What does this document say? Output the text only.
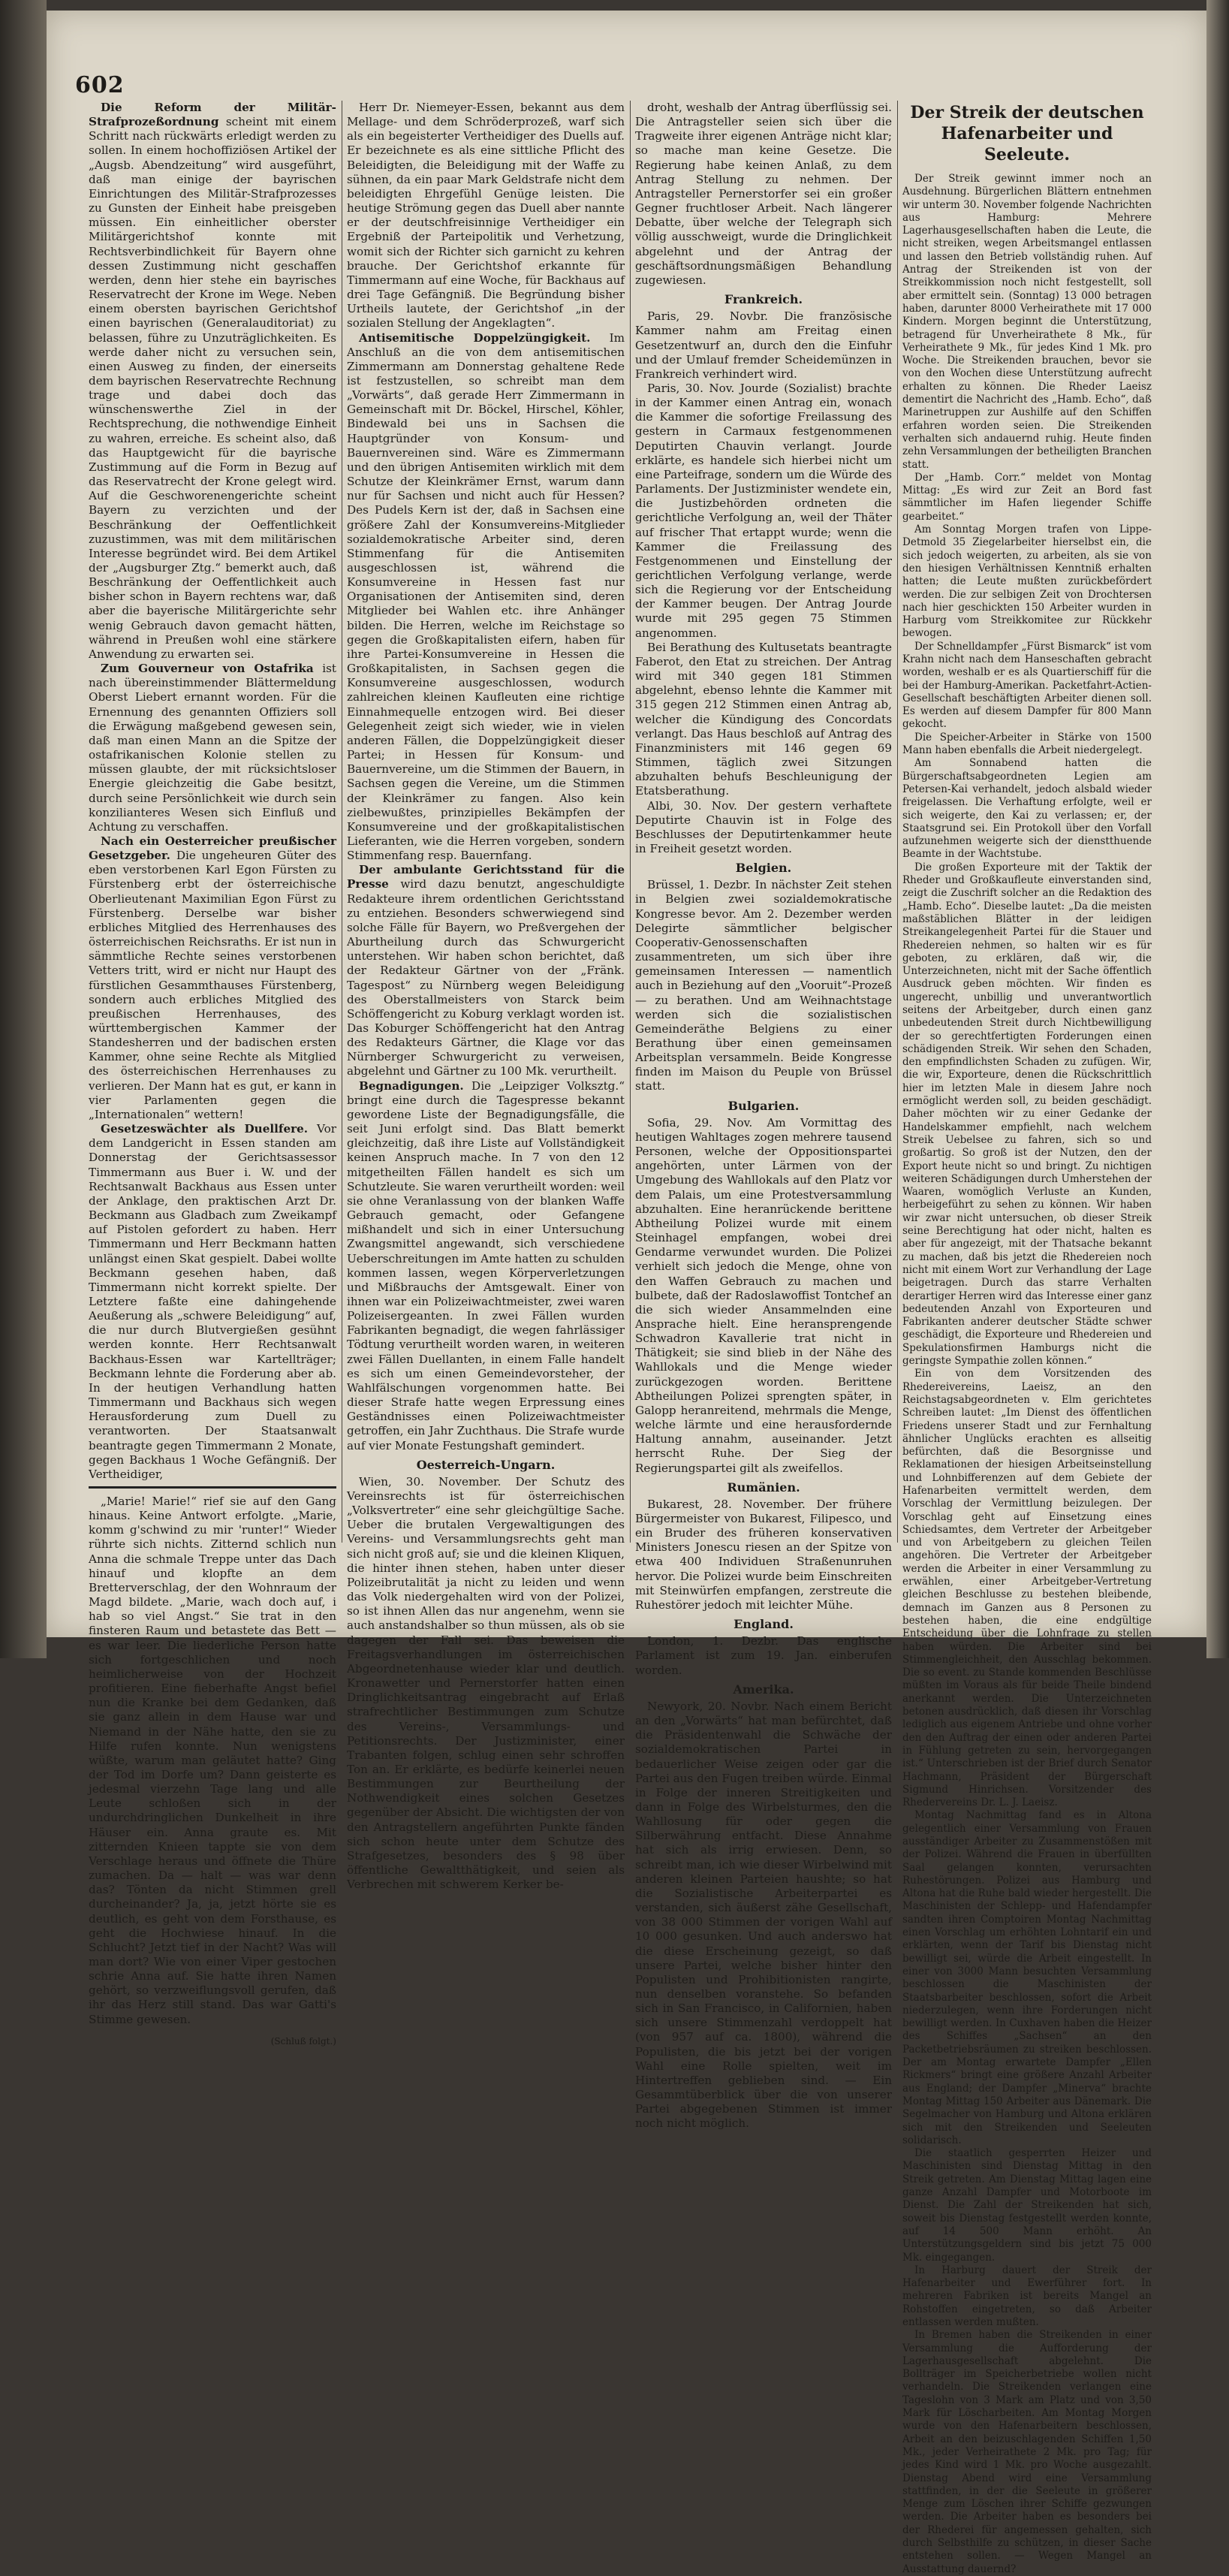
602

Die Reform der Militär-Strafprozeßordnung scheint mit einem Schritt nach rückwärts erledigt werden zu sollen. In einem hochoffiziösen Artikel der „Augsb. Abendzeitung“ wird ausgeführt, daß man einige der bayrischen Einrichtungen des Militär-Strafprozesses zu Gunsten der Einheit habe preisgeben müssen. Ein einheitlicher oberster Militärgerichtshof konnte mit Rechtsverbindlichkeit für Bayern ohne dessen Zustimmung nicht geschaffen werden, denn hier stehe ein bayrisches Reservatrecht der Krone im Wege. Neben einem obersten bayrischen Gerichtshof einen bayrischen (Generalauditoriat) zu belassen, führe zu Unzuträglichkeiten. Es werde daher nicht zu versuchen sein, einen Ausweg zu finden, der einerseits dem bayrischen Reservatrechte Rechnung trage und dabei doch das wünschenswerthe Ziel in der Rechtsprechung, die nothwendige Einheit zu wahren, erreiche. Es scheint also, daß das Hauptgewicht für die bayrische Zustimmung auf die Form in Bezug auf das Reservatrecht der Krone gelegt wird. Auf die Geschworenengerichte scheint Bayern zu verzichten und der Beschränkung der Oeffentlichkeit zuzustimmen, was mit dem militärischen Interesse begründet wird. Bei dem Artikel der „Augsburger Ztg.“ bemerkt auch, daß Beschränkung der Oeffentlichkeit auch bisher schon in Bayern rechtens war, daß aber die bayerische Militärgerichte sehr wenig Gebrauch davon gemacht hätten, während in Preußen wohl eine stärkere Anwendung zu erwarten sei.

Zum Gouverneur von Ostafrika ist nach übereinstimmender Blättermeldung Oberst Liebert ernannt worden. Für die Ernennung des genannten Offiziers soll die Erwägung maßgebend gewesen sein, daß man einen Mann an die Spitze der ostafrikanischen Kolonie stellen zu müssen glaubte, der mit rücksichtsloser Energie gleichzeitig die Gabe besitzt, durch seine Persönlichkeit wie durch sein konzilianteres Wesen sich Einfluß und Achtung zu verschaffen.

Nach ein Oesterreicher preußischer Gesetzgeber. Die ungeheuren Güter des eben verstorbenen Karl Egon Fürsten zu Fürstenberg erbt der österreichische Oberlieutenant Maximilian Egon Fürst zu Fürstenberg. Derselbe war bisher erbliches Mitglied des Herrenhauses des österreichischen Reichsraths. Er ist nun in sämmtliche Rechte seines verstorbenen Vetters tritt, wird er nicht nur Haupt des fürstlichen Gesammthauses Fürstenberg, sondern auch erbliches Mitglied des preußischen Herrenhauses, des württembergischen Kammer der Standesherren und der badischen ersten Kammer, ohne seine Rechte als Mitglied des österreichischen Herrenhauses zu verlieren. Der Mann hat es gut, er kann in vier Parlamenten gegen die „Internationalen“ wettern!

Gesetzeswächter als Duellfere. Vor dem Landgericht in Essen standen am Donnerstag der Gerichtsassessor Timmermann aus Buer i. W. und der Rechtsanwalt Backhaus aus Essen unter der Anklage, den praktischen Arzt Dr. Beckmann aus Gladbach zum Zweikampf auf Pistolen gefordert zu haben. Herr Timmermann und Herr Beckmann hatten unlängst einen Skat gespielt. Dabei wollte Beckmann gesehen haben, daß Timmermann nicht korrekt spielte. Der Letztere faßte eine dahingehende Aeußerung als „schwere Beleidigung“ auf, die nur durch Blutvergießen gesühnt werden konnte. Herr Rechtsanwalt Backhaus-Essen war Kartellträger; Beckmann lehnte die Forderung aber ab. In der heutigen Verhandlung hatten Timmermann und Backhaus sich wegen Herausforderung zum Duell zu verantworten. Der Staatsanwalt beantragte gegen Timmermann 2 Monate, gegen Backhaus 1 Woche Gefängniß. Der Vertheidiger,

„Marie! Marie!“ rief sie auf den Gang hinaus. Keine Antwort erfolgte. „Marie, komm g'schwind zu mir 'runter!“ Wieder rührte sich nichts. Zitternd schlich nun Anna die schmale Treppe unter das Dach hinauf und klopfte an dem Bretterverschlag, der den Wohnraum der Magd bildete. „Marie, wach doch auf, i hab so viel Angst.“ Sie trat in den finsteren Raum und betastete das Bett — es war leer. Die liederliche Person hatte sich fortgeschlichen und noch heimlicherweise von der Hochzeit profitieren. Eine fieberhafte Angst befiel nun die Kranke bei dem Gedanken, daß sie ganz allein in dem Hause war und Niemand in der Nähe hatte, den sie zu Hilfe rufen konnte. Nun wenigstens wüßte, warum man geläutet hatte? Ging der Tod im Dorfe um? Dann geisterte es jedesmal vierzehn Tage lang und alle Leute schloßen sich in der undurchdringlichen Dunkelheit in ihre Häuser ein. Anna graute es. Mit zitternden Knieen tappte sie von dem Verschlage heraus und öffnete die Thüre zumachen. Da — halt — was war denn das? Tönten da nicht Stimmen grell durcheinander? Ja, ja, jetzt hörte sie es deutlich, es geht von dem Forsthause, es geht die Hochwiese hinauf. In die Schlucht? Jetzt tief in der Nacht? Was will man dort? Wie von einer Viper gestochen schrie Anna auf. Sie hatte ihren Namen gehört, so verzweiflungsvoll gerufen, daß ihr das Herz still stand. Das war Gatti's Stimme gewesen.

(Schluß folgt.)

Herr Dr. Niemeyer-Essen, bekannt aus dem Mellage- und dem Schröderprozeß, warf sich als ein begeisterter Vertheidiger des Duells auf. Er bezeichnete es als eine sittliche Pflicht des Beleidigten, die Beleidigung mit der Waffe zu sühnen, da ein paar Mark Geldstrafe nicht dem beleidigten Ehrgefühl Genüge leisten. Die heutige Strömung gegen das Duell aber nannte er der deutschfreisinnige Vertheidiger ein Ergebniß der Parteipolitik und Verhetzung, womit sich der Richter sich garnicht zu kehren brauche. Der Gerichtshof erkannte für Timmermann auf eine Woche, für Backhaus auf drei Tage Gefängniß. Die Begründung bisher Urtheils lautete, der Gerichtshof „in der sozialen Stellung der Angeklagten“.

Antisemitische Doppelzüngigkeit. Im Anschluß an die von dem antisemitischen Zimmermann am Donnerstag gehaltene Rede ist festzustellen, so schreibt man dem „Vorwärts“, daß gerade Herr Zimmermann in Gemeinschaft mit Dr. Böckel, Hirschel, Köhler, Bindewald bei uns in Sachsen die Hauptgründer von Konsum- und Bauernvereinen sind. Wäre es Zimmermann und den übrigen Antisemiten wirklich mit dem Schutze der Kleinkrämer Ernst, warum dann nur für Sachsen und nicht auch für Hessen? Des Pudels Kern ist der, daß in Sachsen eine größere Zahl der Konsumvereins-Mitglieder sozialdemokratische Arbeiter sind, deren Stimmenfang für die Antisemiten ausgeschlossen ist, während die Konsumvereine in Hessen fast nur Organisationen der Antisemiten sind, deren Mitglieder bei Wahlen etc. ihre Anhänger bilden. Die Herren, welche im Reichstage so gegen die Großkapitalisten eifern, haben für ihre Partei-Konsumvereine in Hessen die Großkapitalisten, in Sachsen gegen die Konsumvereine ausgeschlossen, wodurch zahlreichen kleinen Kaufleuten eine richtige Einnahmequelle entzogen wird. Bei dieser Gelegenheit zeigt sich wieder, wie in vielen anderen Fällen, die Doppelzüngigkeit dieser Partei; in Hessen für Konsum- und Bauernvereine, um die Stimmen der Bauern, in Sachsen gegen die Vereine, um die Stimmen der Kleinkrämer zu fangen. Also kein zielbewußtes, prinzipielles Bekämpfen der Konsumvereine und der großkapitalistischen Lieferanten, wie die Herren vorgeben, sondern Stimmenfang resp. Bauernfang.

Der ambulante Gerichtsstand für die Presse wird dazu benutzt, angeschuldigte Redakteure ihrem ordentlichen Gerichtsstand zu entziehen. Besonders schwerwiegend sind solche Fälle für Bayern, wo Preßvergehen der Aburtheilung durch das Schwurgericht unterstehen. Wir haben schon berichtet, daß der Redakteur Gärtner von der „Fränk. Tagespost“ zu Nürnberg wegen Beleidigung des Oberstallmeisters von Starck beim Schöffengericht zu Koburg verklagt worden ist. Das Koburger Schöffengericht hat den Antrag des Redakteurs Gärtner, die Klage vor das Nürnberger Schwurgericht zu verweisen, abgelehnt und Gärtner zu 100 Mk. verurtheilt.

Begnadigungen. Die „Leipziger Volksztg.“ bringt eine durch die Tagespresse bekannt gewordene Liste der Begnadigungsfälle, die seit Juni erfolgt sind. Das Blatt bemerkt gleichzeitig, daß ihre Liste auf Vollständigkeit keinen Anspruch mache. In 7 von den 12 mitgetheilten Fällen handelt es sich um Schutzleute. Sie waren verurtheilt worden: weil sie ohne Veranlassung von der blanken Waffe Gebrauch gemacht, oder Gefangene mißhandelt und sich in einer Untersuchung Zwangsmittel angewandt, sich verschiedene Ueberschreitungen im Amte hatten zu schulden kommen lassen, wegen Körperverletzungen und Mißbrauchs der Amtsgewalt. Einer von ihnen war ein Polizeiwachtmeister, zwei waren Polizeisergeanten. In zwei Fällen wurden Fabrikanten begnadigt, die wegen fahrlässiger Tödtung verurtheilt worden waren, in weiteren zwei Fällen Duellanten, in einem Falle handelt es sich um einen Gemeindevorsteher, der Wahlfälschungen vorgenommen hatte. Bei dieser Strafe hatte wegen Erpressung eines Geständnisses einen Polizeiwachtmeister getroffen, ein Jahr Zuchthaus. Die Strafe wurde auf vier Monate Festungshaft gemindert.

Oesterreich-Ungarn.

Wien, 30. November. Der Schutz des Vereinsrechts ist für österreichischen „Volksvertreter“ eine sehr gleichgültige Sache. Ueber die brutalen Vergewaltigungen des Vereins- und Versammlungsrechts geht man sich nicht groß auf; sie und die kleinen Kliquen, die hinter ihnen stehen, haben unter dieser Polizeibrutalität ja nicht zu leiden und wenn das Volk niedergehalten wird von der Polizei, so ist ihnen Allen das nur angenehm, wenn sie auch anstandshalber so thun müssen, als ob sie dagegen der Fall sei. Das beweisen die Freitagsverhandlungen im österreichischen Abgeordnetenhause wieder klar und deutlich. Kronawetter und Pernerstorfer hatten einen Dringlichkeitsantrag eingebracht auf Erlaß strafrechtlicher Bestimmungen zum Schutze des Vereins-, Versammlungs- und Petitionsrechts. Der Justizminister, einer Trabanten folgen, schlug einen sehr schroffen Ton an. Er erklärte, es bedürfe keinerlei neuen Bestimmungen zur Beurtheilung der Nothwendigkeit eines solchen Gesetzes gegenüber der Absicht. Die wichtigsten der von den Antragstellern angeführten Punkte fänden sich schon heute unter dem Schutze des Strafgesetzes, besonders des § 98 über öffentliche Gewaltthätigkeit, und seien als Verbrechen mit schwerem Kerker be-

droht, weshalb der Antrag überflüssig sei. Die Antragsteller seien sich über die Tragweite ihrer eigenen Anträge nicht klar; so mache man keine Gesetze. Die Regierung habe keinen Anlaß, zu dem Antrag Stellung zu nehmen. Der Antragsteller Pernerstorfer sei ein großer Gegner fruchtloser Arbeit. Nach längerer Debatte, über welche der Telegraph sich völlig ausschweigt, wurde die Dringlichkeit abgelehnt und der Antrag der geschäftsordnungsmäßigen Behandlung zugewiesen.

Frankreich.

Paris, 29. Novbr. Die französische Kammer nahm am Freitag einen Gesetzentwurf an, durch den die Einfuhr und der Umlauf fremder Scheidemünzen in Frankreich verhindert wird.

Paris, 30. Nov. Jourde (Sozialist) brachte in der Kammer einen Antrag ein, wonach die Kammer die sofortige Freilassung des gestern in Carmaux festgenommenen Deputirten Chauvin verlangt. Jourde erklärte, es handele sich hierbei nicht um eine Parteifrage, sondern um die Würde des Parlaments. Der Justizminister wendete ein, die Justizbehörden ordneten die gerichtliche Verfolgung an, weil der Thäter auf frischer That ertappt wurde; wenn die Kammer die Freilassung des Festgenommenen und Einstellung der gerichtlichen Verfolgung verlange, werde sich die Regierung vor der Entscheidung der Kammer beugen. Der Antrag Jourde wurde mit 295 gegen 75 Stimmen angenommen.

Bei Berathung des Kultusetats beantragte Faberot, den Etat zu streichen. Der Antrag wird mit 340 gegen 181 Stimmen abgelehnt, ebenso lehnte die Kammer mit 315 gegen 212 Stimmen einen Antrag ab, welcher die Kündigung des Concordats verlangt. Das Haus beschloß auf Antrag des Finanzministers mit 146 gegen 69 Stimmen, täglich zwei Sitzungen abzuhalten behufs Beschleunigung der Etatsberathung.

Albi, 30. Nov. Der gestern verhaftete Deputirte Chauvin ist in Folge des Beschlusses der Deputirtenkammer heute in Freiheit gesetzt worden.

Belgien.

Brüssel, 1. Dezbr. In nächster Zeit stehen in Belgien zwei sozialdemokratische Kongresse bevor. Am 2. Dezember werden Delegirte sämmtlicher belgischer Cooperativ-Genossenschaften zusammentreten, um sich über ihre gemeinsamen Interessen — namentlich auch in Beziehung auf den „Vooruit“-Prozeß — zu berathen. Und am Weihnachtstage werden sich die sozialistischen Gemeinderäthe Belgiens zu einer Berathung über einen gemeinsamen Arbeitsplan versammeln. Beide Kongresse finden im Maison du Peuple von Brüssel statt.

Bulgarien.

Sofia, 29. Nov. Am Vormittag des heutigen Wahltages zogen mehrere tausend Personen, welche der Oppositionspartei angehörten, unter Lärmen von der Umgebung des Wahllokals auf den Platz vor dem Palais, um eine Protestversammlung abzuhalten. Eine heranrückende berittene Abtheilung Polizei wurde mit einem Steinhagel empfangen, wobei drei Gendarme verwundet wurden. Die Polizei verhielt sich jedoch die Menge, ohne von den Waffen Gebrauch zu machen und bulbete, daß der Radoslawoffist Tontchef an die sich wieder Ansammelnden eine Ansprache hielt. Eine heransprengende Schwadron Kavallerie trat nicht in Thätigkeit; sie sind blieb in der Nähe des Wahllokals und die Menge wieder zurückgezogen worden. Berittene Abtheilungen Polizei sprengten später, in Galopp heranreitend, mehrmals die Menge, welche lärmte und eine herausfordernde Haltung annahm, auseinander. Jetzt herrscht Ruhe. Der Sieg der Regierungspartei gilt als zweifellos.

Rumänien.

Bukarest, 28. November. Der frühere Bürgermeister von Bukarest, Filipesco, und ein Bruder des früheren konservativen Ministers Jonescu riesen an der Spitze von etwa 400 Individuen Straßenunruhen hervor. Die Polizei wurde beim Einschreiten mit Steinwürfen empfangen, zerstreute die Ruhestörer jedoch mit leichter Mühe.

England.

London, 1. Dezbr. Das englische Parlament ist zum 19. Jan. einberufen worden.

Amerika.

Newyork, 20. Novbr. Nach einem Bericht an den „Vorwärts“ hat man befürchtet, daß die Präsidentenwahl die Schwäche der sozialdemokratischen Partei in bedauerlicher Weise zeigen oder gar die Partei aus den Fugen treiben würde. Einmal in Folge der inneren Streitigkeiten und dann in Folge des Wirbelsturmes, den die Wahllosung für oder gegen die Silberwährung entfacht. Diese Annahme hat sich als irrig erwiesen. Denn, so schreibt man, ich wie dieser Wirbelwind mit anderen kleinen Parteien haushte; so hat die Sozialistische Arbeiterpartei es verstanden, sich äußerst zähe Gesellschaft, von 38 000 Stimmen der vorigen Wahl auf 10 000 gesunken. Und auch anderswo hat die diese Erscheinung gezeigt, so daß unsere Partei, welche bisher hinter den Populisten und Prohibitionisten rangirte, nun denselben voranstehe. So befanden sich in San Francisco, in Californien, haben sich unsere Stimmenzahl verdoppelt hat (von 957 auf ca. 1800), während die Populisten, die bis jetzt bei der vorigen Wahl eine Rolle spielten, weit im Hintertreffen geblieben sind. — Ein Gesammtüberblick über die von unserer Partei abgegebenen Stimmen ist immer noch nicht möglich.

Der Streik der deutschen Hafenarbeiter und Seeleute.

Der Streik gewinnt immer noch an Ausdehnung. Bürgerlichen Blättern entnehmen wir unterm 30. November folgende Nachrichten aus Hamburg: Mehrere Lagerhausgesellschaften haben die Leute, die nicht streiken, wegen Arbeitsmangel entlassen und lassen den Betrieb vollständig ruhen. Auf Antrag der Streikenden ist von der Streikkommission noch nicht festgestellt, soll aber ermittelt sein. (Sonntag) 13 000 betragen haben, darunter 8000 Verheirathete mit 17 000 Kindern. Morgen beginnt die Unterstützung, betragend für Unverheirathete 8 Mk., für Verheirathete 9 Mk., für jedes Kind 1 Mk. pro Woche. Die Streikenden brauchen, bevor sie von den Wochen diese Unterstützung aufrecht erhalten zu können. Die Rheder Laeisz dementirt die Nachricht des „Hamb. Echo“, daß Marinetruppen zur Aushilfe auf den Schiffen erfahren worden seien. Die Streikenden verhalten sich andauernd ruhig. Heute finden zehn Versammlungen der betheiligten Branchen statt.

Der „Hamb. Corr.“ meldet von Montag Mittag: „Es wird zur Zeit an Bord fast sämmtlicher im Hafen liegender Schiffe gearbeitet.“

Am Sonntag Morgen trafen von Lippe-Detmold 35 Ziegelarbeiter hierselbst ein, die sich jedoch weigerten, zu arbeiten, als sie von den hiesigen Verhältnissen Kenntniß erhalten hatten; die Leute mußten zurückbefördert werden. Die zur selbigen Zeit von Drochtersen nach hier geschickten 150 Arbeiter wurden in Harburg vom Streikkomitee zur Rückkehr bewogen.

Der Schnelldampfer „Fürst Bismarck“ ist vom Krahn nicht nach dem Hanseschaften gebracht worden, weshalb er es als Quartierschiff für die bei der Hamburg-Amerikan. Packetfahrt-Actien-Gesellschaft beschäftigten Arbeiter dienen soll. Es werden auf diesem Dampfer für 800 Mann gekocht.

Die Speicher-Arbeiter in Stärke von 1500 Mann haben ebenfalls die Arbeit niedergelegt.

Am Sonnabend hatten die Bürgerschaftsabgeordneten Legien am Petersen-Kai verhandelt, jedoch alsbald wieder freigelassen. Die Verhaftung erfolgte, weil er sich weigerte, den Kai zu verlassen; er, der Staatsgrund sei. Ein Protokoll über den Vorfall aufzunehmen weigerte sich der dienstthuende Beamte in der Wachtstube.

Die großen Exporteure mit der Taktik der Rheder und Großkaufleute einverstanden sind, zeigt die Zuschrift solcher an die Redaktion des „Hamb. Echo“. Dieselbe lautet: „Da die meisten maßstäblichen Blätter in der leidigen Streikangelegenheit Partei für die Stauer und Rhedereien nehmen, so halten wir es für geboten, zu erklären, daß wir, die Unterzeichneten, nicht mit der Sache öffentlich Ausdruck geben möchten. Wir finden es ungerecht, unbillig und unverantwortlich seitens der Arbeitgeber, durch einen ganz unbedeutenden Streit durch Nichtbewilligung der so gerechtfertigten Forderungen einen schädigenden Streik. Wir sehen den Schaden, den empfindlichsten Schaden zu zufügen. Wir, die wir, Exporteure, denen die Rückschrittlich hier im letzten Male in diesem Jahre noch ermöglicht werden soll, zu beiden geschädigt. Daher möchten wir zu einer Gedanke der Handelskammer empfiehlt, nach welchem Streik Uebelsee zu fahren, sich so und großartig. So groß ist der Nutzen, den der Export heute nicht so und bringt. Zu nichtigen weiteren Schädigungen durch Umherstehen der Waaren, womöglich Verluste an Kunden, herbeigeführt zu sehen zu können. Wir haben wir zwar nicht untersuchen, ob dieser Streik seine Berechtigung hat oder nicht, halten es aber für angezeigt, mit der Thatsache bekannt zu machen, daß bis jetzt die Rhedereien noch nicht mit einem Wort zur Verhandlung der Lage beigetragen. Durch das starre Verhalten derartiger Herren wird das Interesse einer ganz bedeutenden Anzahl von Exporteuren und Fabrikanten anderer deutscher Städte schwer geschädigt, die Exporteure und Rhedereien und Spekulationsfirmen Hamburgs nicht die geringste Sympathie zollen können.“

Ein von dem Vorsitzenden des Rhedereivereins, Laeisz, an den Reichstagsabgeordneten v. Elm gerichtetes Schreiben lautet: „Im Dienst des öffentlichen Friedens unserer Stadt und zur Fernhaltung ähnlicher Unglücks erachten es allseitig befürchten, daß die Besorgnisse und Reklamationen der hiesigen Arbeitseinstellung und Lohnbifferenzen auf dem Gebiete der Hafenarbeiten vermittelt werden, dem Vorschlag der Vermittlung beizulegen. Der Vorschlag geht auf Einsetzung eines Schiedsamtes, dem Vertreter der Arbeitgeber und von Arbeitgebern zu gleichen Teilen angehören. Die Vertreter der Arbeitgeber werden die Arbeiter in einer Versammlung zu erwählen, einer Arbeitgeber-Vertretung gleichen Beschlusse zu bestehen bleibende, demnach im Ganzen aus 8 Personen zu bestehen haben, die eine endgültige Entscheidung über die Lohnfrage zu stellen haben würden. Die Arbeiter sind bei Stimmengleichheit, den Ausschlag bekommen. Die so event. zu Stande kommenden Beschlüsse müßten im Voraus als für beide Theile bindend anerkannt werden. Die Unterzeichneten betonen ausdrücklich, daß diesen ihr Vorschlag lediglich aus eigenem Antriebe und ohne vorher den den Auftrag der einen oder anderen Partei in Fühlung getreten zu sein, hervorgegangen ist.“ Unterschrieben ist der Brief durch Senator Hachmann, Präsident der Bürgerschaft Sigmund Hinrichsen. Vorsitzender des Rhedervereins Dr. L. J. Laeisz.

Montag Nachmittag fand es in Altona gelegentlich einer Versammlung von Frauen ausständiger Arbeiter zu Zusammenstößen mit der Polizei. Während die Frauen in überfüllten Saal gelangen konnten, verursachten Ruhestörungen. Polizei aus Hamburg und Altona hat die Ruhe bald wieder hergestellt. Die Maschinisten der Schlepp- und Hafendampfer sandten ihren Comptoiren Montag Nachmittag einen Vorschlag um erhöhten Lohntarif ein und erklärten, wenn der Tarif bis Dienstag nicht bewilligt sei, würde die Arbeit eingestellt. In einer von 3000 Mann besuchten Versammlung beschlossen die Maschinisten der Staatsbarbeiter beschlossen, sofort die Arbeit niederzulegen, wenn ihre Forderungen nicht bewilligt werden. In Cuxhaven haben die Heizer des Schiffes „Sachsen“ an den Packetbetriebsräumen zu streiken beschlossen. Der am Montag erwartete Dampfer „Ellen Rickmers“ bringt eine größere Anzahl Arbeiter aus England; der Dampfer „Minerva“ brachte Montag Mittag 150 Arbeiter aus Dänemark. Die Segelmacher von Hamburg und Altona erklären sich mit den Streikenden und Seeleuten solidarisch.

Die staatlich gesperrten Heizer und Maschinisten sind Dienstag Mittag in den Streik getreten. Am Dienstag Mittag lagen eine ganze Anzahl Dampfer und Motorboote im Dienst. Die Zahl der Streikenden hat sich, soweit bis Dienstag festgestellt werden konnte, auf 14 500 Mann erhöht. An Unterstützungsgeldern sind bis jetzt 75 000 Mk. eingegangen.

In Harburg dauert der Streik der Hafenarbeiter und Ewerführer fort. In mehreren Fabriken ist bereits Mangel an Rohstoffen eingetreten, so daß Arbeiter entlassen werden mußten.

In Bremen haben die Streikenden in einer Versammlung die Aufforderung der Lagerhausgesellschaft abgelehnt. Die Bollträger im Speicherbetriebe wollen nicht verhandeln. Die Streikenden verlangen eine Tageslohn von 3 Mark am Platz und von 3,50 Mark für Löscharbeiten. Am Montag Morgen wurde von den Hafenarbeitern beschlossen, Arbeit an den beizuschlagenden Schiffen 1,50 Mk., jeder Verheirathete 2 Mk. pro Tag; für jedes Kind wird 1 Mk. pro Woche ausgezahlt. Dienstag Abend wird eine Versammlung stattfinden, in der die Seeleute in größerer Menge zum Löschen ihrer Schiffe gezwungen werden. Die Arbeiter haben es besonders bei der Rhederei für angemessen gehalten, sich durch Selbsthilfe zu schützen, in dieser Sache entstehen sollen. — Wegen Mangel an Ausstattung dauernd?
